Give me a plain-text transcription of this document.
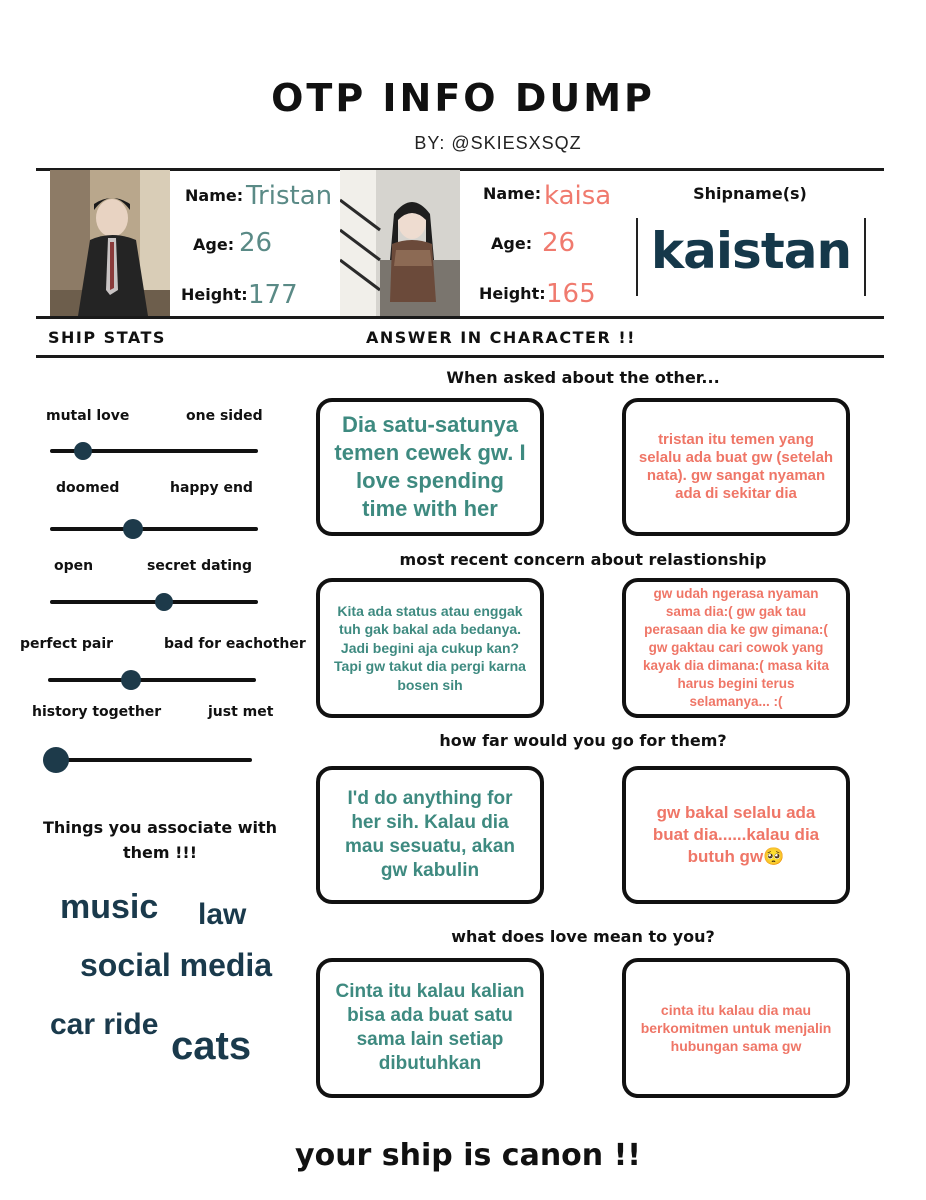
OTP INFO DUMP
BY: @SKIESXSQZ
Name: Tristan
Age: 26
Height: 177
Name: kaisa
Age: 26
Height: 165
Shipname(s)
kaistan
SHIP STATS	ANSWER IN CHARACTER !!
mutal love	one sided
doomed	happy end
open	secret dating
perfect pair	bad for eachother
history together	just met
Things you associate with them !!!
music law
social media
car ride cats
When asked about the other...
Dia satu-satunya temen cewek gw. I love spending time with her
tristan itu temen yang selalu ada buat gw (setelah nata). gw sangat nyaman ada di sekitar dia
most recent concern about relastionship
Kita ada status atau enggak tuh gak bakal ada bedanya. Jadi begini aja cukup kan? Tapi gw takut dia pergi karna bosen sih
gw udah ngerasa nyaman sama dia:( gw gak tau perasaan dia ke gw gimana:( gw gaktau cari cowok yang kayak dia dimana:( masa kita harus begini terus selamanya... :(
how far would you go for them?
I'd do anything for her sih. Kalau dia mau sesuatu, akan gw kabulin
gw bakal selalu ada buat dia......kalau dia butuh gw🥺
what does love mean to you?
Cinta itu kalau kalian bisa ada buat satu sama lain setiap dibutuhkan
cinta itu kalau dia mau berkomitmen untuk menjalin hubungan sama gw
your ship is canon !!
